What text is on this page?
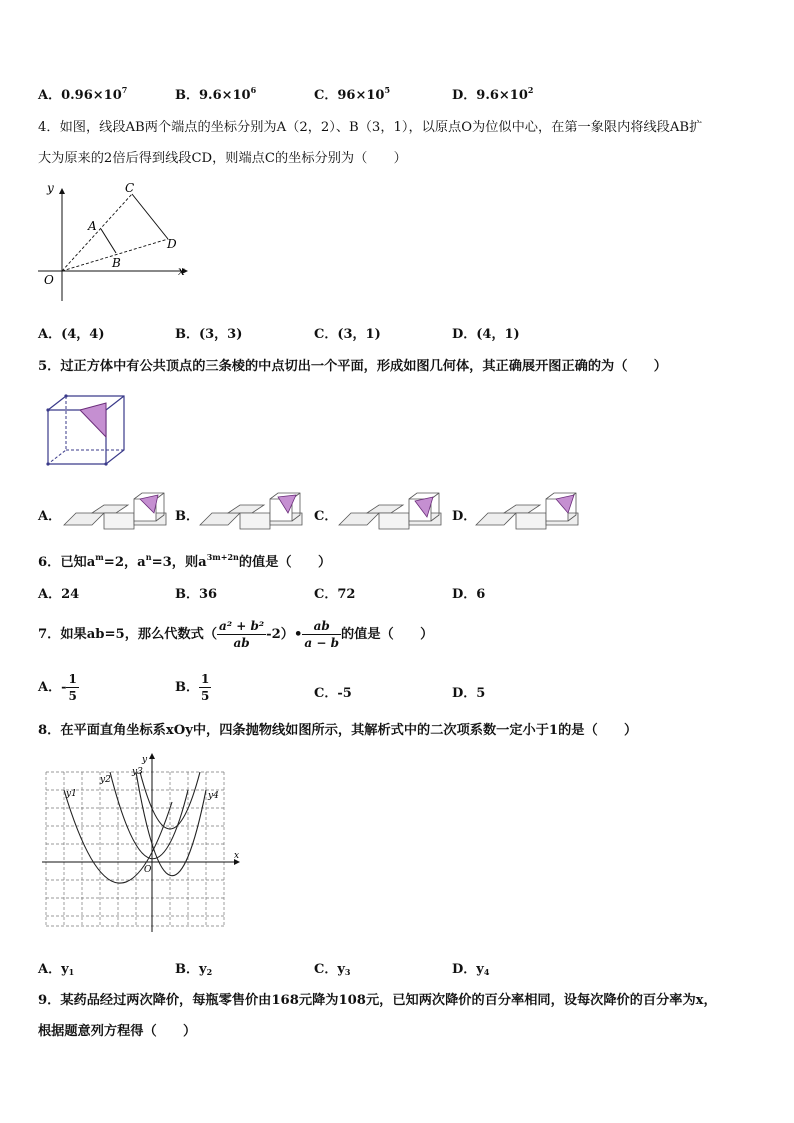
A．$0.96\times 10^7$	B．$9.6\times 10^6$	C．$96\times 10^5$	D．$9.6\times 10^2$
4．如图，线段AB两个端点的坐标分别为A（2，2）、B（3，1），以原点O为位似中心，在第一象限内将线段AB扩
大为原来的2倍后得到线段CD，则端点C的坐标分别为（　　）
y
x
O
A
B
C
D
A．(4，4)	B．(3，3)	C．(3，1)	D．(4，1)
5．过正方体中有公共顶点的三条棱的中点切出一个平面，形成如图几何体，其正确展开图正确的为（　　）
A．	B．	C．	D．
6．已知$a^m=2$，$a^n=3$，则$a^{3m+2n}$的值是（　　）
A．24	B．36	C．72	D．6
7．如果ab=5，那么代数式（ $\frac{\text{a² + b²}}{ab}$ -2）• $\frac{ab}{a - b}$ 的值是（　　）
A．- $\frac{1}{5}$	B． $\frac{1}{5}$	C．-5	D．5
8．在平面直角坐标系xOy中，四条抛物线如图所示，其解析式中的二次项系数一定小于1的是（　　）
y
x
O
y1
y2
y3
y4
A．$y_1$	B．$y_2$	C．$y_3$	D．$y_4$
9．某药品经过两次降价，每瓶零售价由168元降为108元，已知两次降价的百分率相同，设每次降价的百分率为x，
根据题意列方程得（　　）
